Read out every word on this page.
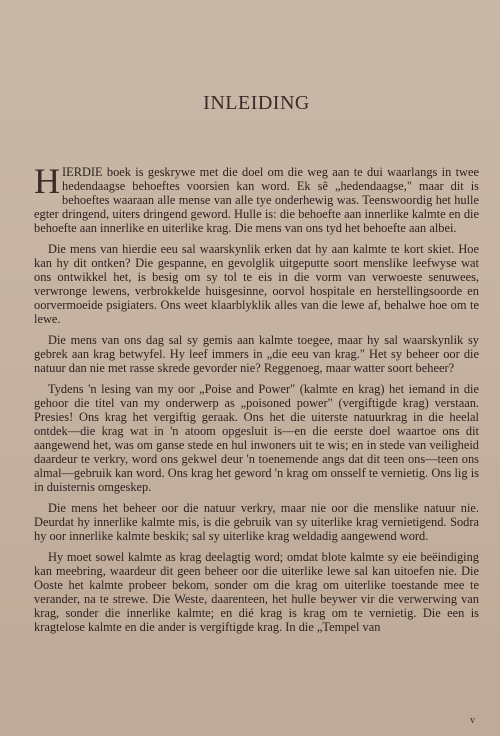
INLEIDING

HIERDIE boek is geskrywe met die doel om die weg aan te dui waarlangs in twee hedendaagse behoeftes voorsien kan word. Ek sê „hedendaagse," maar dit is behoeftes waaraan alle mense van alle tye onderhewig was. Teenswoordig het hulle egter dringend, uiters dringend geword. Hulle is: die behoefte aan innerlike kalmte en die behoefte aan innerlike en uiterlike krag. Die mens van ons tyd het behoefte aan albei.

Die mens van hierdie eeu sal waarskynlik erken dat hy aan kalmte te kort skiet. Hoe kan hy dit ontken? Die gespanne, en gevolglik uitgeputte soort menslike leefwyse wat ons ontwikkel het, is besig om sy tol te eis in die vorm van verwoeste senuwees, verwronge lewens, verbrokkelde huisgesinne, oorvol hospitale en herstellingsoorde en oorvermoeide psigiaters. Ons weet klaarblyklik alles van die lewe af, behalwe hoe om te lewe.

Die mens van ons dag sal sy gemis aan kalmte toegee, maar hy sal waarskynlik sy gebrek aan krag betwyfel. Hy leef immers in „die eeu van krag." Het sy beheer oor die natuur dan nie met rasse skrede gevorder nie? Reggenoeg, maar watter soort beheer?

Tydens 'n lesing van my oor „Poise and Power" (kalmte en krag) het iemand in die gehoor die titel van my onderwerp as „poisoned power" (vergiftigde krag) verstaan. Presies! Ons krag het vergiftig geraak. Ons het die uiterste natuurkrag in die heelal ontdek—die krag wat in 'n atoom opgesluit is—en die eerste doel waartoe ons dit aangewend het, was om ganse stede en hul inwoners uit te wis; en in stede van veiligheid daardeur te verkry, word ons gekwel deur 'n toenemende angs dat dit teen ons—teen ons almal—gebruik kan word. Ons krag het geword 'n krag om onsself te vernietig. Ons lig is in duisternis omgeskep.

Die mens het beheer oor die natuur verkry, maar nie oor die menslike natuur nie. Deurdat hy innerlike kalmte mis, is die gebruik van sy uiterlike krag vernietigend. Sodra hy oor innerlike kalmte beskik; sal sy uiterlike krag weldadig aangewend word.

Hy moet sowel kalmte as krag deelagtig word; omdat blote kalmte sy eie beëindiging kan meebring, waardeur dit geen beheer oor die uiterlike lewe sal kan uitoefen nie. Die Ooste het kalmte probeer bekom, sonder om die krag om uiterlike toestande mee te verander, na te strewe. Die Weste, daarenteen, het hulle beywer vir die verwerwing van krag, sonder die innerlike kalmte; en dié krag is krag om te vernietig. Die een is kragtelose kalmte en die ander is vergiftigde krag. In die „Tempel van

v
